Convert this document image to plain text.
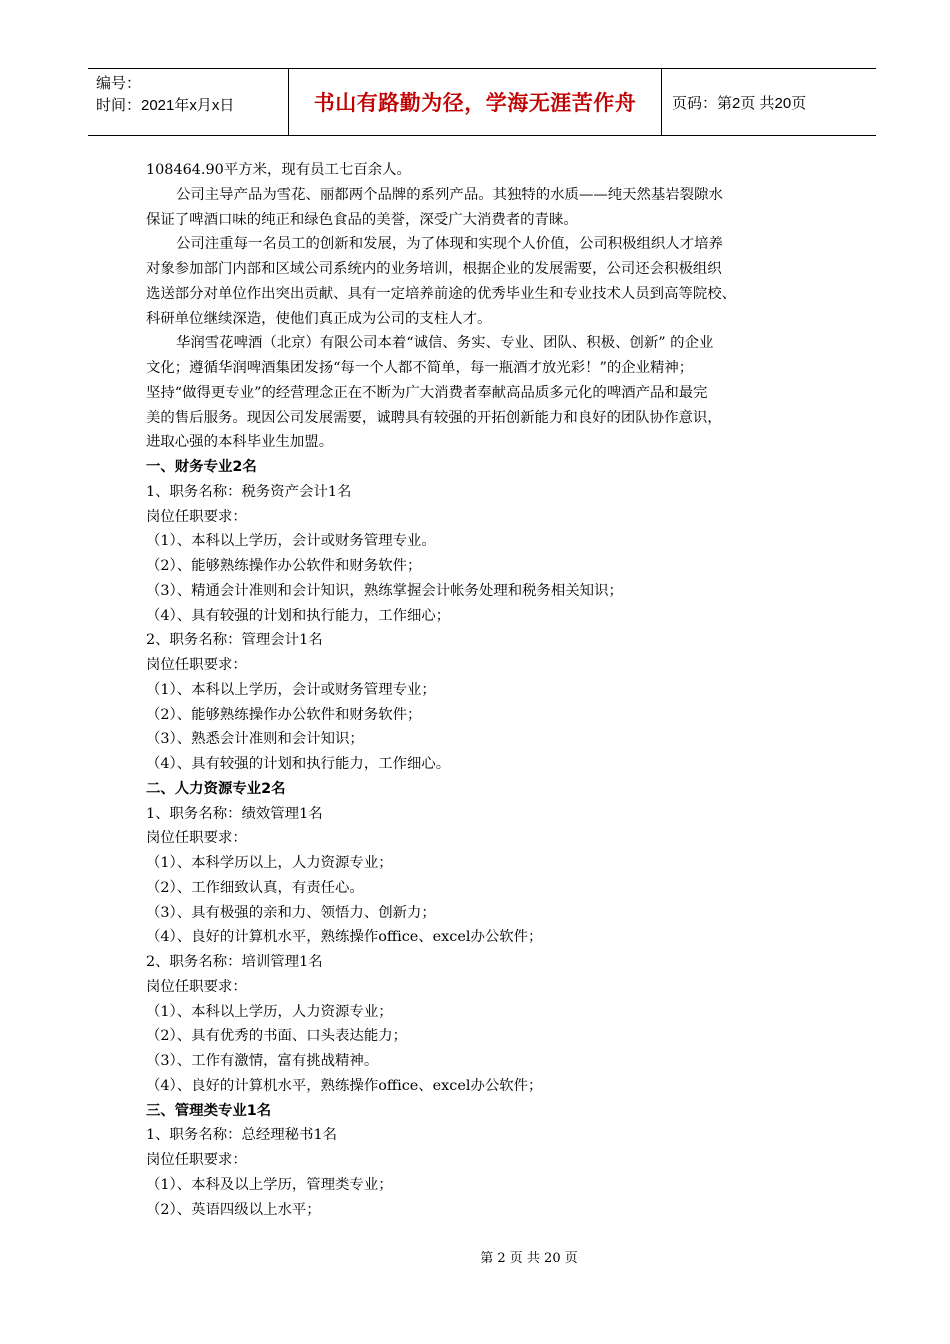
编号：
时间：2021年x月x日	书山有路勤为径，学海无涯苦作舟 页码：第2页 共20页
108464.90平方米，现有员工七百余人。
公司主导产品为雪花、丽都两个品牌的系列产品。其独特的水质——纯天然基岩裂隙水
保证了啤酒口味的纯正和绿色食品的美誉，深受广大消费者的青睐。
公司注重每一名员工的创新和发展，为了体现和实现个人价值，公司积极组织人才培养
对象参加部门内部和区域公司系统内的业务培训，根据企业的发展需要，公司还会积极组织
选送部分对单位作出突出贡献、具有一定培养前途的优秀毕业生和专业技术人员到高等院校、
科研单位继续深造，使他们真正成为公司的支柱人才。
华润雪花啤酒（北京）有限公司本着“诚信、务实、专业、团队、积极、创新” 的企业
文化；遵循华润啤酒集团发扬“每一个人都不简单，每一瓶酒才放光彩！”的企业精神；
坚持“做得更专业”的经营理念正在不断为广大消费者奉献高品质多元化的啤酒产品和最完
美的售后服务。现因公司发展需要，诚聘具有较强的开拓创新能力和良好的团队协作意识，
进取心强的本科毕业生加盟。
一、财务专业2名
1、职务名称：税务资产会计1名
岗位任职要求：
（1）、本科以上学历，会计或财务管理专业。
（2）、能够熟练操作办公软件和财务软件；
（3）、精通会计准则和会计知识，熟练掌握会计帐务处理和税务相关知识；
（4）、具有较强的计划和执行能力，工作细心；
2、职务名称：管理会计1名
岗位任职要求：
（1）、本科以上学历，会计或财务管理专业；
（2）、能够熟练操作办公软件和财务软件；
（3）、熟悉会计准则和会计知识；
（4）、具有较强的计划和执行能力，工作细心。
二、人力资源专业2名
1、职务名称：绩效管理1名
岗位任职要求：
（1）、本科学历以上，人力资源专业；
（2）、工作细致认真，有责任心。
（3）、具有极强的亲和力、领悟力、创新力；
（4）、良好的计算机水平，熟练操作office、excel办公软件；
2、职务名称：培训管理1名
岗位任职要求：
（1）、本科以上学历，人力资源专业；
（2）、具有优秀的书面、口头表达能力；
（3）、工作有激情，富有挑战精神。
（4）、良好的计算机水平，熟练操作office、excel办公软件；
三、管理类专业1名
1、职务名称：总经理秘书1名
岗位任职要求：
（1）、本科及以上学历，管理类专业；
（2）、英语四级以上水平；
第 2 页 共 20 页
